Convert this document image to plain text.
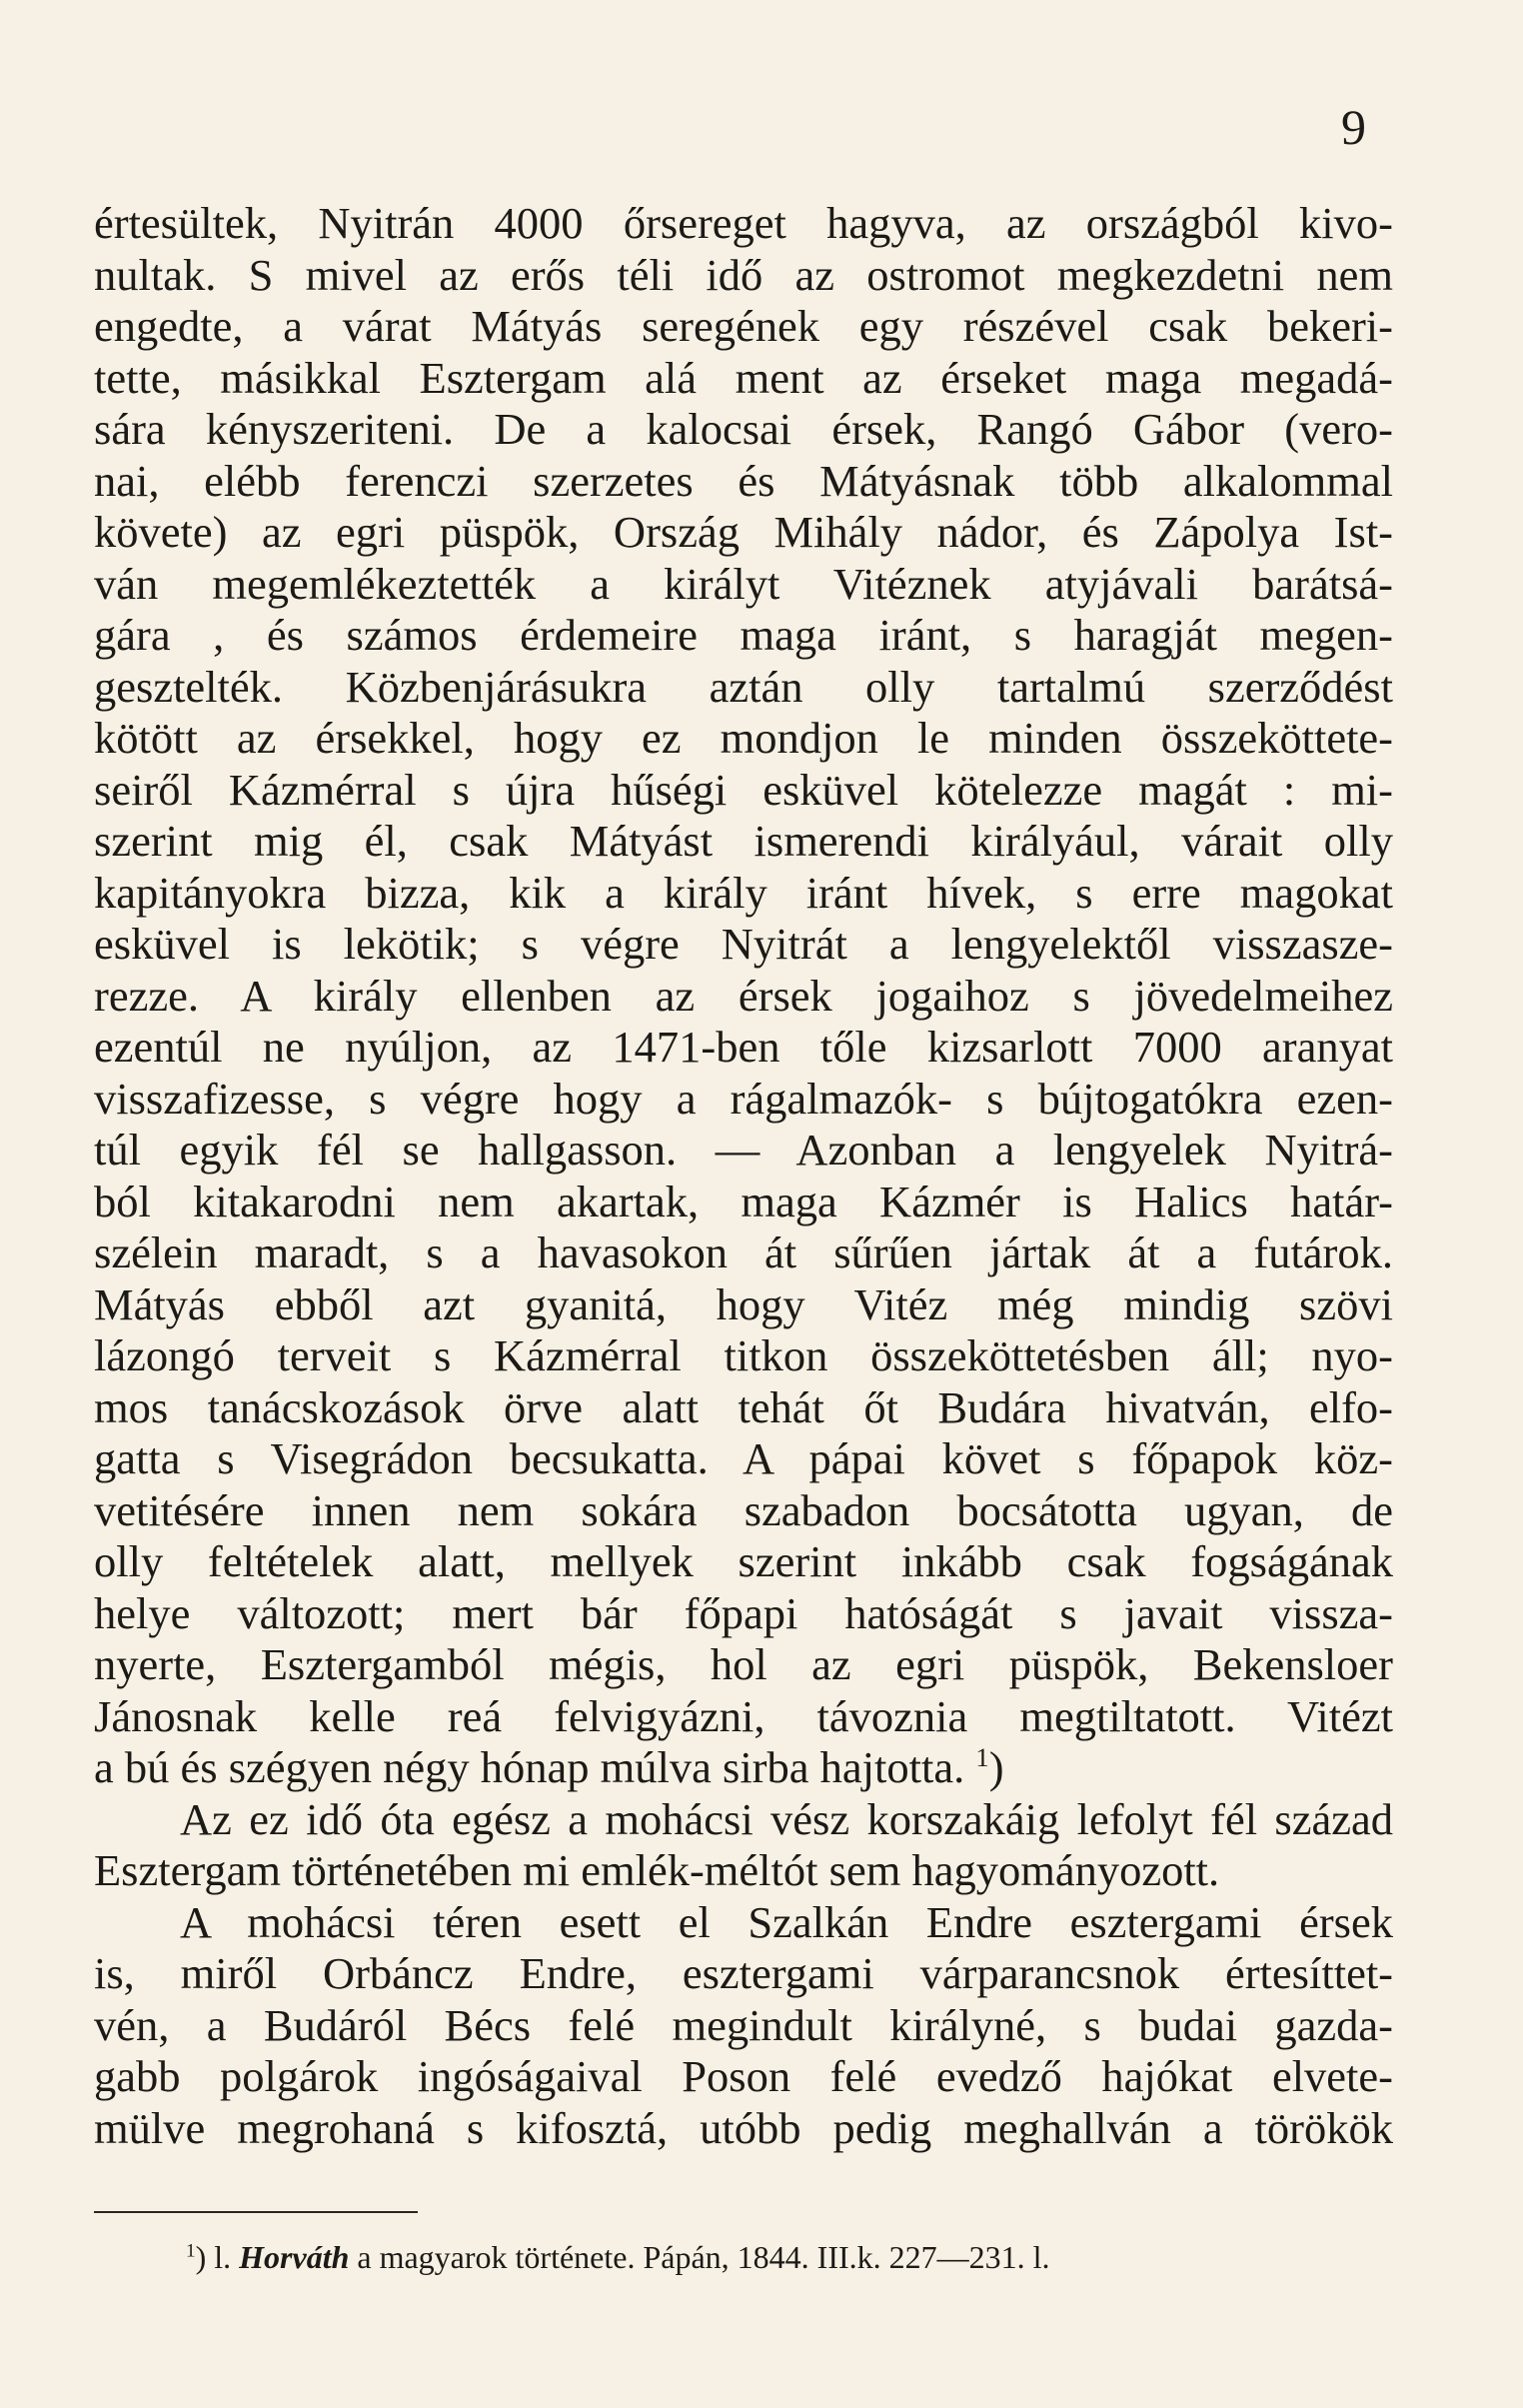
9
értesültek, Nyitrán 4000 őrsereget hagyva, az országból kivo-
nultak. S mivel az erős téli idő az ostromot megkezdetni nem
engedte, a várat Mátyás seregének egy részével csak bekeri-
tette, másikkal Esztergam alá ment az érseket maga megadá-
sára kényszeriteni. De a kalocsai érsek, Rangó Gábor (vero-
nai, elébb ferenczi szerzetes és Mátyásnak több alkalommal
követe) az egri püspök, Ország Mihály nádor, és Zápolya Ist-
ván megemlékeztették a királyt Vitéznek atyjávali barátsá-
gára , és számos érdemeire maga iránt, s haragját megen-
gesztelték. Közbenjárásukra aztán olly tartalmú szerződést
kötött az érsekkel, hogy ez mondjon le minden összeköttete-
seiről Kázmérral s újra hűségi esküvel kötelezze magát : mi-
szerint mig él, csak Mátyást ismerendi királyául, várait olly
kapitányokra bizza, kik a király iránt hívek, s erre magokat
esküvel is lekötik; s végre Nyitrát a lengyelektől visszasze-
rezze. A király ellenben az érsek jogaihoz s jövedelmeihez
ezentúl ne nyúljon, az 1471-ben tőle kizsarlott 7000 aranyat
visszafizesse, s végre hogy a rágalmazók- s bújtogatókra ezen-
túl egyik fél se hallgasson. — Azonban a lengyelek Nyitrá-
ból kitakarodni nem akartak, maga Kázmér is Halics határ-
szélein maradt, s a havasokon át sűrűen jártak át a futárok.
Mátyás ebből azt gyanitá, hogy Vitéz még mindig szövi
lázongó terveit s Kázmérral titkon összeköttetésben áll; nyo-
mos tanácskozások örve alatt tehát őt Budára hivatván, elfo-
gatta s Visegrádon becsukatta. A pápai követ s főpapok köz-
vetitésére innen nem sokára szabadon bocsátotta ugyan, de
olly feltételek alatt, mellyek szerint inkább csak fogságának
helye változott; mert bár főpapi hatóságát s javait vissza-
nyerte, Esztergamból mégis, hol az egri püspök, Bekensloer
Jánosnak kelle reá felvigyázni, távoznia megtiltatott. Vitézt
a bú és szégyen négy hónap múlva sirba hajtotta. $^1$)
Az ez idő óta egész a mohácsi vész korszakáig lefolyt fél század
Esztergam történetében mi emlék-méltót sem hagyományozott.
A mohácsi téren esett el Szalkán Endre esztergami érsek
is, miről Orbáncz Endre, esztergami várparancsnok értesíttet-
vén, a Budáról Bécs felé megindult királyné, s budai gazda-
gabb polgárok ingóságaival Poson felé evedző hajókat elvete-
mülve megrohaná s kifosztá, utóbb pedig meghallván a törökök
$^1$) l. Horváth a magyarok története. Pápán, 1844. III.k. 227—231. l.
